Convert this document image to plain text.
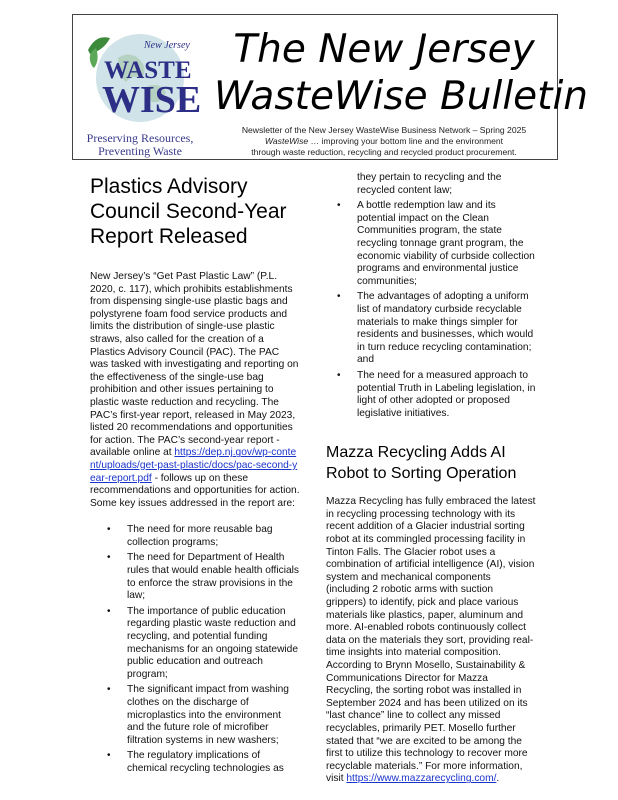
New Jersey
WASTE
WISE
Preserving Resources,
Preventing Waste
The New Jersey
WasteWise Bulletin
Newsletter of the New Jersey WasteWise Business Network – Spring 2025
WasteWise … improving your bottom line and the environment
through waste reduction, recycling and recycled product procurement.
Plastics Advisory Council Second-Year Report Released

New Jersey’s “Get Past Plastic Law” (P.L. 2020, c. 117), which prohibits establishments from dispensing single-use plastic bags and polystyrene foam food service products and limits the distribution of single-use plastic straws, also called for the creation of a Plastics Advisory Council (PAC). The PAC was tasked with investigating and reporting on the effectiveness of the single-use bag prohibition and other issues pertaining to plastic waste reduction and recycling. The PAC’s first-year report, released in May 2023, listed 20 recommendations and opportunities for action. The PAC’s second-year report - available online at https://dep.nj.gov/wp-content/uploads/get-past-plastic/docs/pac-second-year-report.pdf - follows up on these recommendations and opportunities for action. Some key issues addressed in the report are:

• The need for more reusable bag collection programs;
• The need for Department of Health rules that would enable health officials to enforce the straw provisions in the law;
• The importance of public education regarding plastic waste reduction and recycling, and potential funding mechanisms for an ongoing statewide public education and outreach program;
• The significant impact from washing clothes on the discharge of microplastics into the environment and the future role of microfiber filtration systems in new washers;
• The regulatory implications of chemical recycling technologies as
they pertain to recycling and the recycled content law;
• A bottle redemption law and its potential impact on the Clean Communities program, the state recycling tonnage grant program, the economic viability of curbside collection programs and environmental justice communities;
• The advantages of adopting a uniform list of mandatory curbside recyclable materials to make things simpler for residents and businesses, which would in turn reduce recycling contamination; and
• The need for a measured approach to potential Truth in Labeling legislation, in light of other adopted or proposed legislative initiatives.
Mazza Recycling Adds AI Robot to Sorting Operation

Mazza Recycling has fully embraced the latest in recycling processing technology with its recent addition of a Glacier industrial sorting robot at its commingled processing facility in Tinton Falls. The Glacier robot uses a combination of artificial intelligence (AI), vision system and mechanical components (including 2 robotic arms with suction grippers) to identify, pick and place various materials like plastics, paper, aluminum and more. AI-enabled robots continuously collect data on the materials they sort, providing real-time insights into material composition. According to Brynn Mosello, Sustainability & Communications Director for Mazza Recycling, the sorting robot was installed in September 2024 and has been utilized on its “last chance” line to collect any missed recyclables, primarily PET. Mosello further stated that “we are excited to be among the first to utilize this technology to recover more recyclable materials.” For more information, visit https://www.mazzarecycling.com/.
